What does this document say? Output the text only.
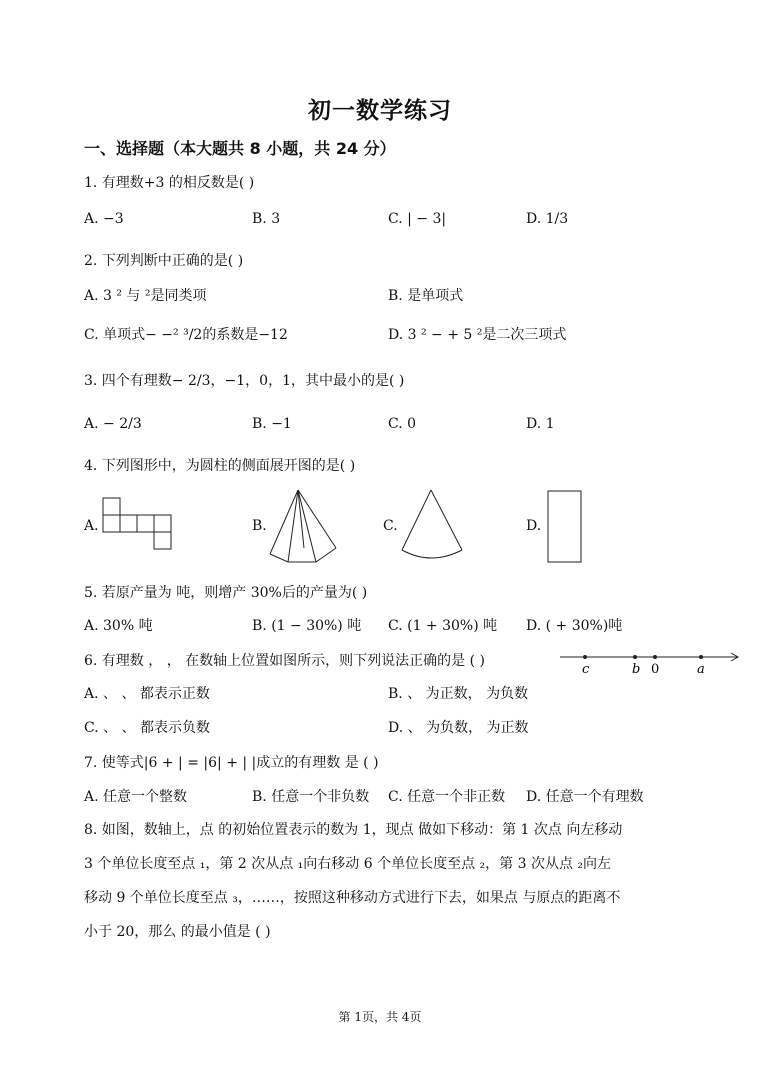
初一数学练习
一、选择题（本大题共 8 小题，共 24 分）
1. 有理数+3 的相反数是( )
A. −3	B. 3	C. | − 3|	D. 1/3
2. 下列判断中正确的是( )
A. 3 ² 与 ²是同类项	B. 是单项式
C. 单项式− −² ³/2的系数是−12	D. 3 ² − + 5 ²是二次三项式
3. 四个有理数− 2/3，−1，0，1，其中最小的是( )
A. − 2/3	B. −1	C. 0	D. 1
4. 下列图形中，为圆柱的侧面展开图的是( )
A.	B.	C.	D.
5. 若原产量为 吨，则增产 30%后的产量为( )
A. 30% 吨	B. (1 − 30%) 吨 C. (1 + 30%) 吨 D. ( + 30%)吨
6. 有理数 ， ， 在数轴上位置如图所示，则下列说法正确的是 ( )
c	b 0	a
A. 、 、 都表示正数	B. 、 为正数， 为负数
C. 、 、 都表示负数	D. 、 为负数， 为正数
7. 使等式|6 + | = |6| + | |成立的有理数 是 ( )
A. 任意一个整数	B. 任意一个非负数 C. 任意一个非正数 D. 任意一个有理数
8. 如图，数轴上，点 的初始位置表示的数为 1，现点 做如下移动：第 1 次点 向左移动
3 个单位长度至点 ₁，第 2 次从点 ₁向右移动 6 个单位长度至点 ₂，第 3 次从点 ₂向左
移动 9 个单位长度至点 ₃，……，按照这种移动方式进行下去，如果点 与原点的距离不
小于 20，那么 的最小值是 ( )
第 1页，共 4页
